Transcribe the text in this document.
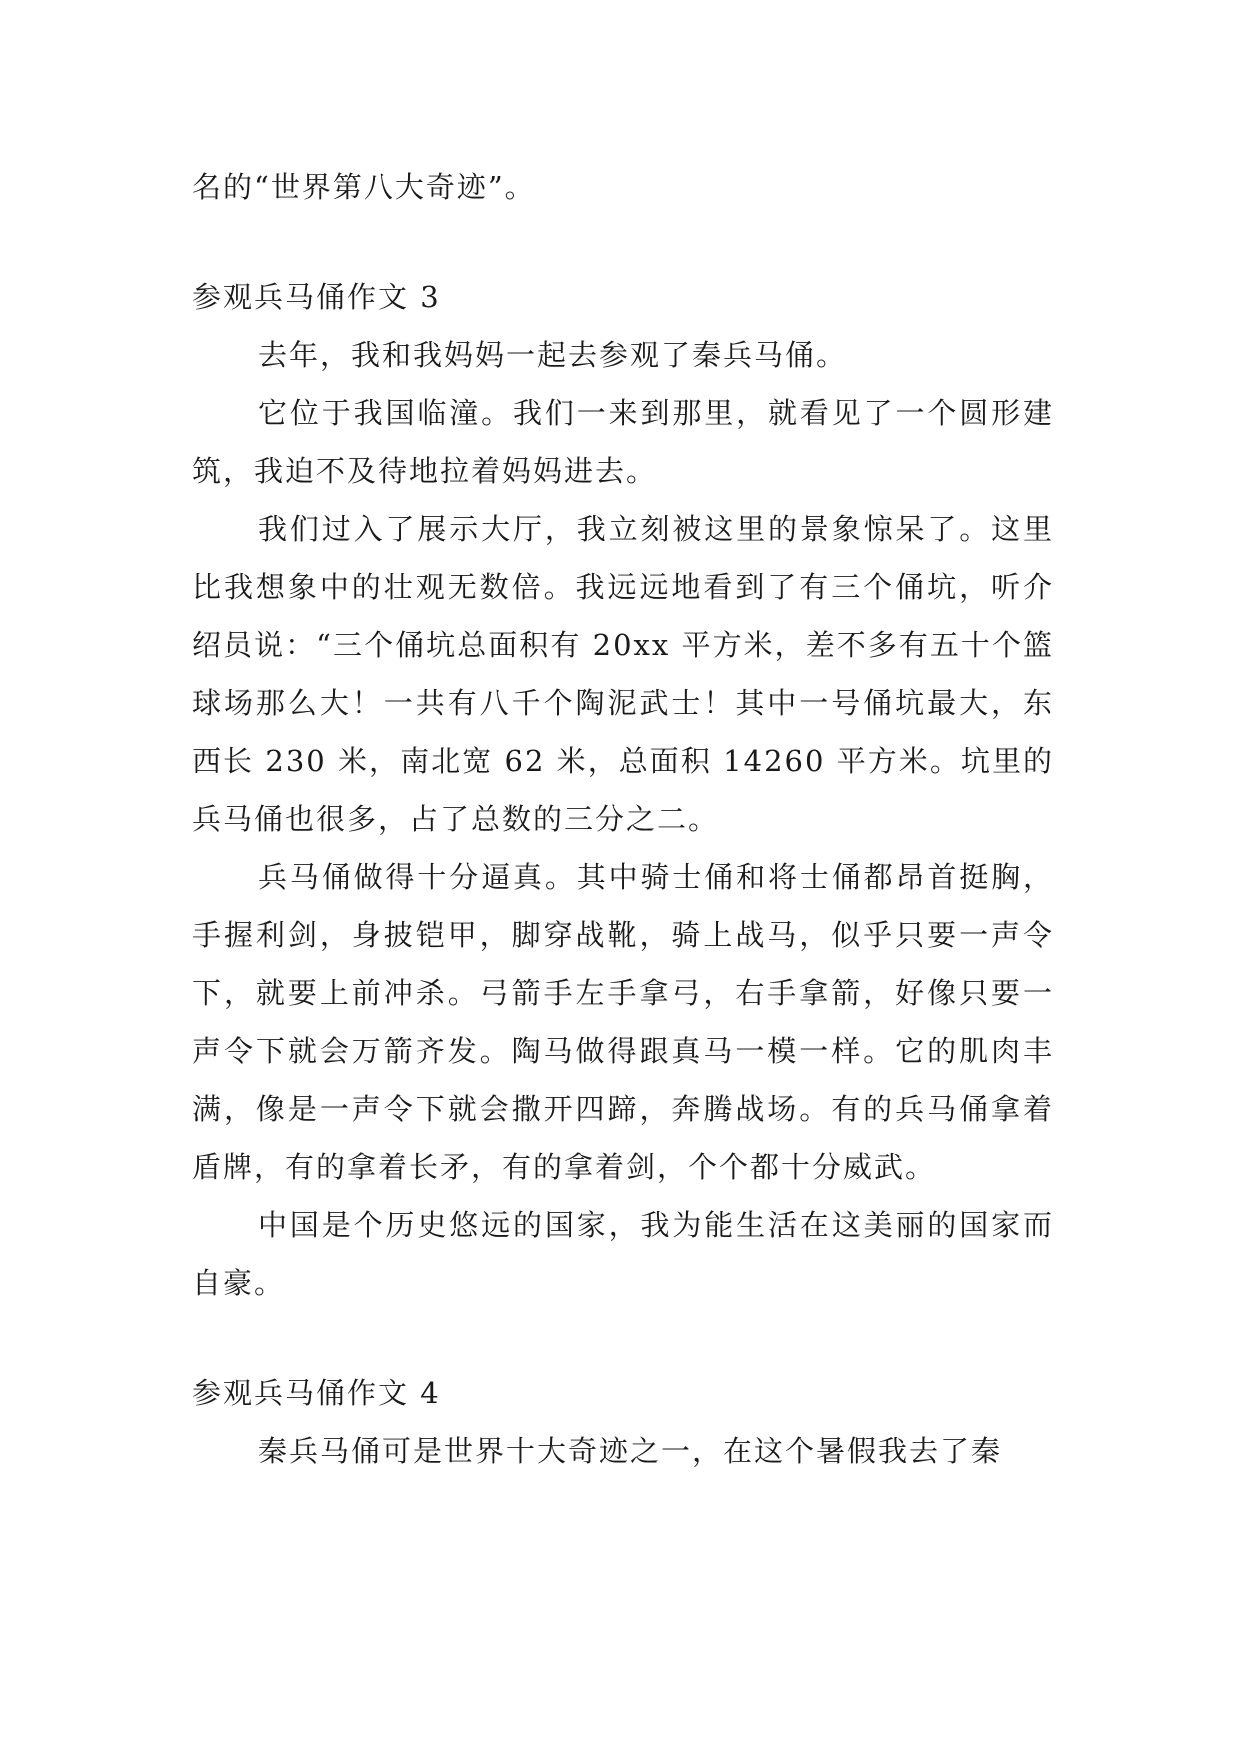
名的“世界第八大奇迹”。
参观兵马俑作文 3

去年，我和我妈妈一起去参观了秦兵马俑。

它位于我国临潼。我们一来到那里，就看见了一个圆形建筑，我迫不及待地拉着妈妈进去。

我们过入了展示大厅，我立刻被这里的景象惊呆了。这里比我想象中的壮观无数倍。我远远地看到了有三个俑坑，听介绍员说：“三个俑坑总面积有 20xx 平方米，差不多有五十个篮球场那么大！一共有八千个陶泥武士！其中一号俑坑最大，东西长 230 米，南北宽 62 米，总面积 14260 平方米。坑里的兵马俑也很多，占了总数的三分之二。

兵马俑做得十分逼真。其中骑士俑和将士俑都昂首挺胸，手握利剑，身披铠甲，脚穿战靴，骑上战马，似乎只要一声令下，就要上前冲杀。弓箭手左手拿弓，右手拿箭，好像只要一声令下就会万箭齐发。陶马做得跟真马一模一样。它的肌肉丰满，像是一声令下就会撒开四蹄，奔腾战场。有的兵马俑拿着盾牌，有的拿着长矛，有的拿着剑，个个都十分威武。

中国是个历史悠远的国家，我为能生活在这美丽的国家而自豪。

参观兵马俑作文 4

秦兵马俑可是世界十大奇迹之一，在这个暑假我去了秦
